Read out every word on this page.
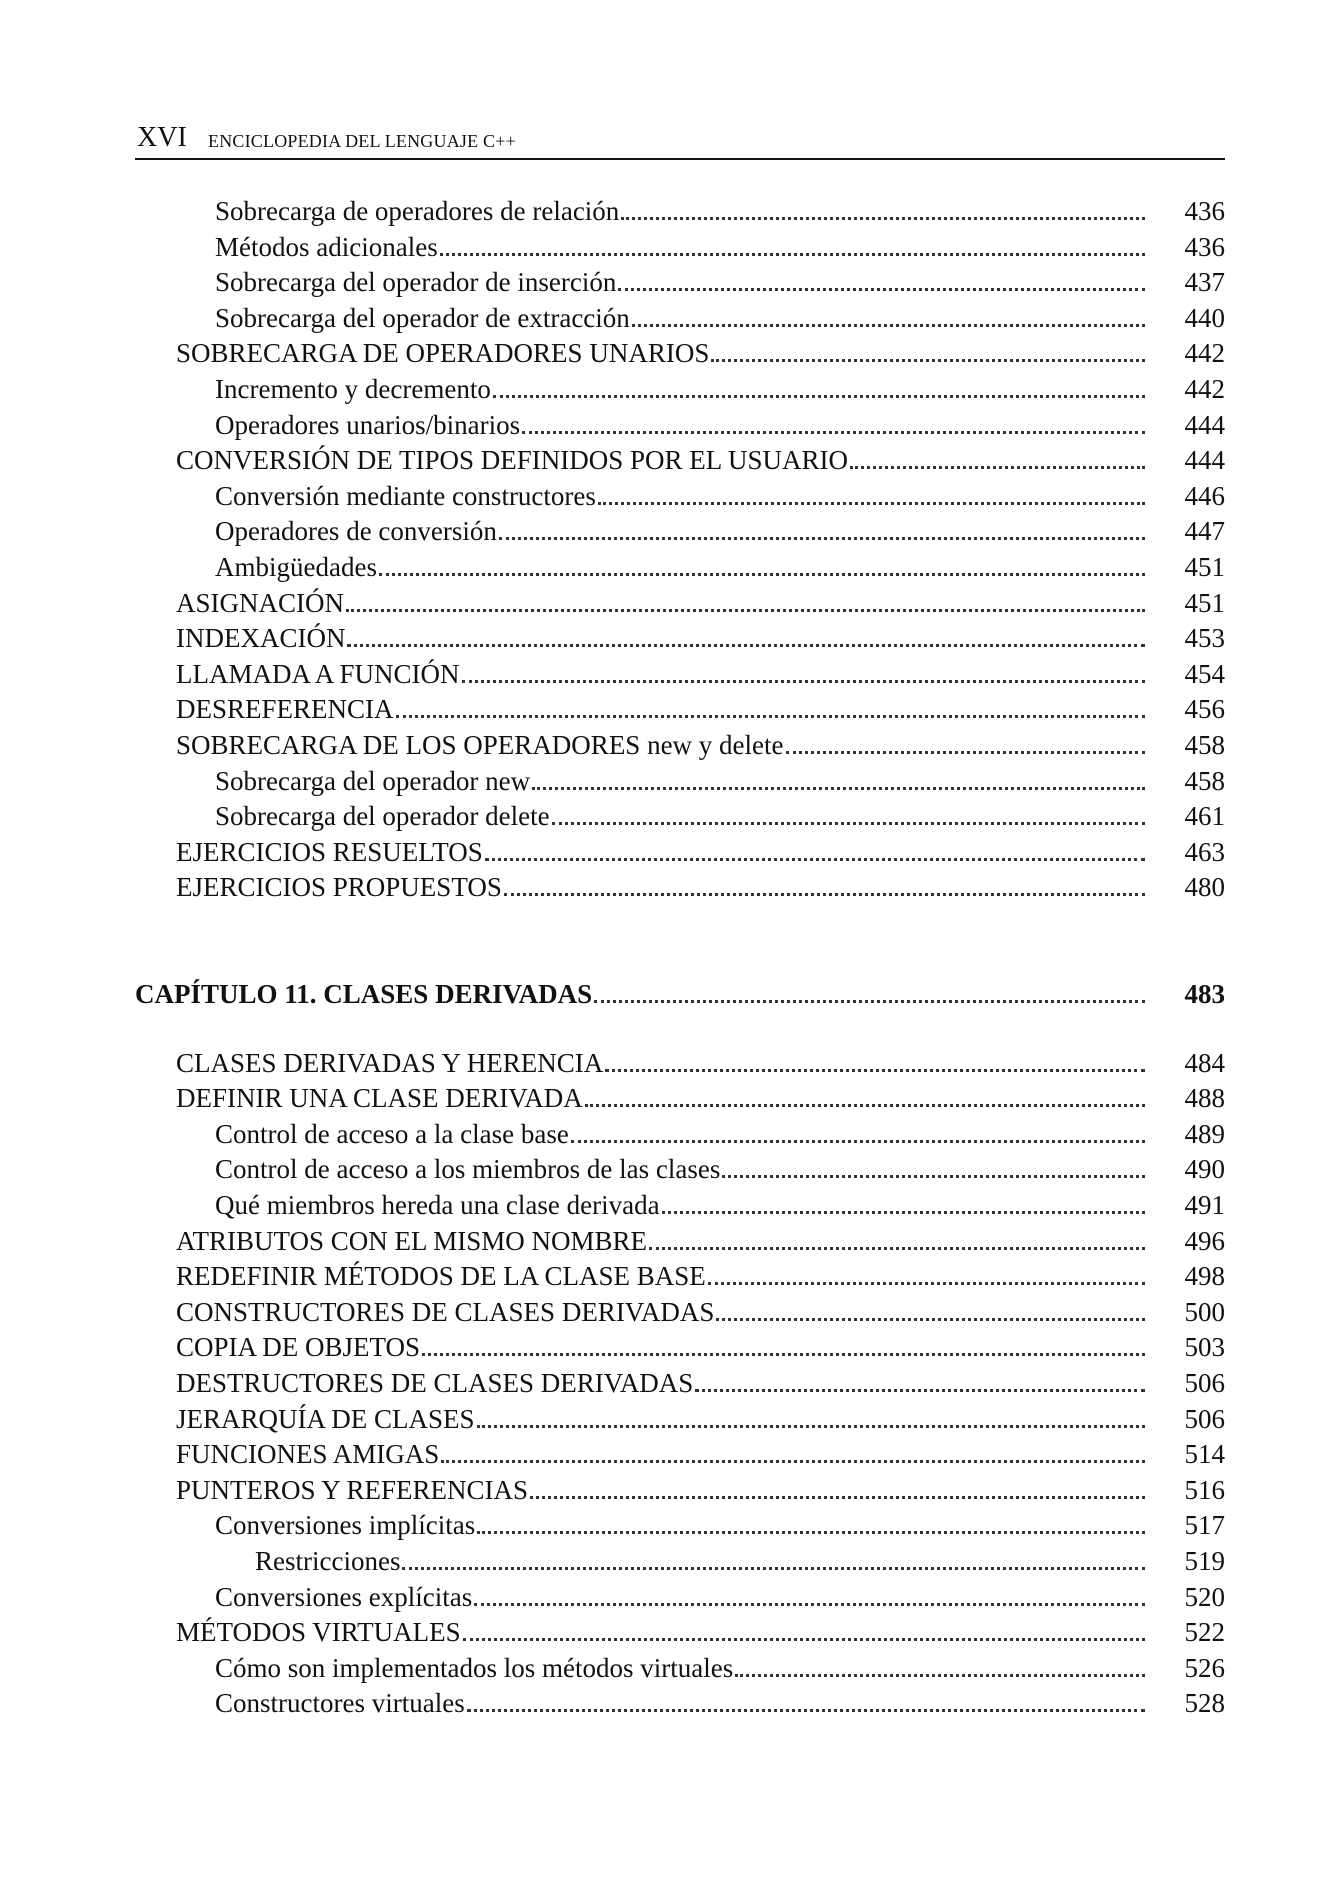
XVI ENCICLOPEDIA DEL LENGUAJE C++
Sobrecarga de operadores de relación	436
Métodos adicionales	436
Sobrecarga del operador de inserción	437
Sobrecarga del operador de extracción	440
SOBRECARGA DE OPERADORES UNARIOS	442
Incremento y decremento	442
Operadores unarios/binarios	444
CONVERSIÓN DE TIPOS DEFINIDOS POR EL USUARIO	444
Conversión mediante constructores	446
Operadores de conversión	447
Ambigüedades	451
ASIGNACIÓN	451
INDEXACIÓN	453
LLAMADA A FUNCIÓN	454
DESREFERENCIA	456
SOBRECARGA DE LOS OPERADORES new y delete	458
Sobrecarga del operador new	458
Sobrecarga del operador delete	461
EJERCICIOS RESUELTOS	463
EJERCICIOS PROPUESTOS	480
CAPÍTULO 11. CLASES DERIVADAS	483
CLASES DERIVADAS Y HERENCIA	484
DEFINIR UNA CLASE DERIVADA	488
Control de acceso a la clase base	489
Control de acceso a los miembros de las clases	490
Qué miembros hereda una clase derivada	491
ATRIBUTOS CON EL MISMO NOMBRE	496
REDEFINIR MÉTODOS DE LA CLASE BASE	498
CONSTRUCTORES DE CLASES DERIVADAS	500
COPIA DE OBJETOS	503
DESTRUCTORES DE CLASES DERIVADAS	506
JERARQUÍA DE CLASES	506
FUNCIONES AMIGAS	514
PUNTEROS Y REFERENCIAS	516
Conversiones implícitas	517
Restricciones	519
Conversiones explícitas	520
MÉTODOS VIRTUALES	522
Cómo son implementados los métodos virtuales	526
Constructores virtuales	528
